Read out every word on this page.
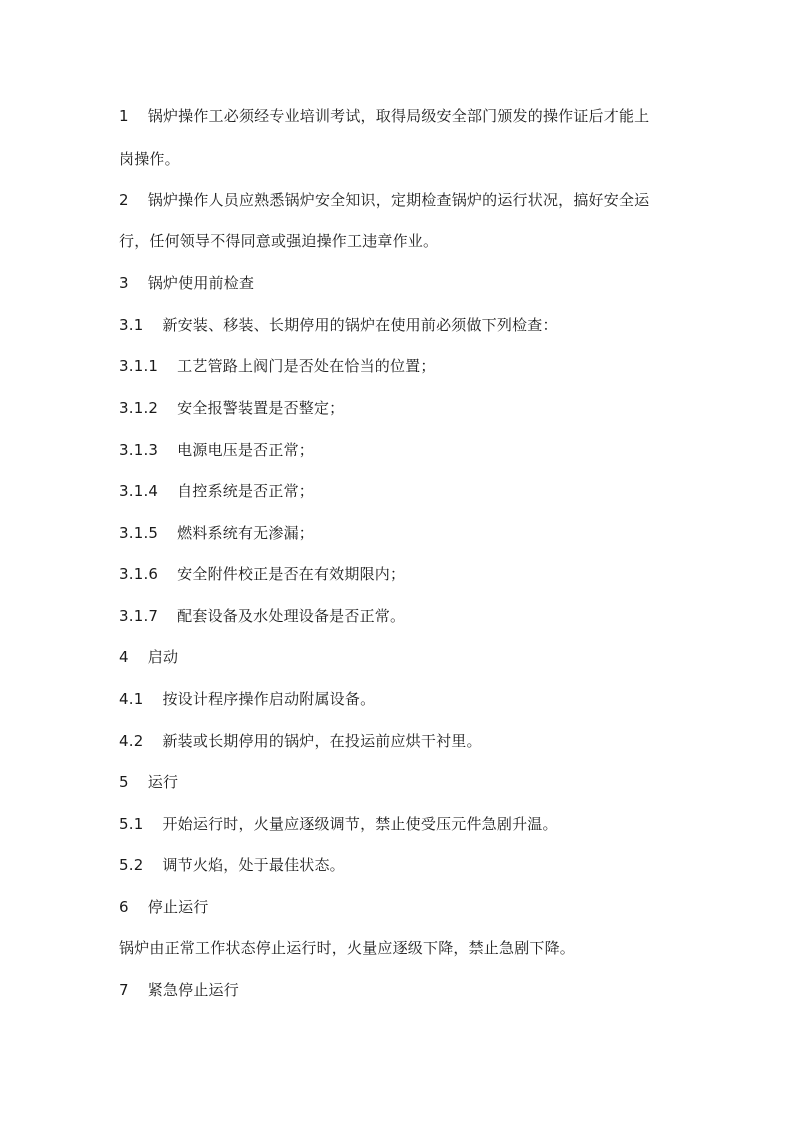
1 锅炉操作工必须经专业培训考试，取得局级安全部门颁发的操作证后才能上
岗操作。
2 锅炉操作人员应熟悉锅炉安全知识，定期检查锅炉的运行状况，搞好安全运
行，任何领导不得同意或强迫操作工违章作业。
3 锅炉使用前检查
3.1 新安装、移装、长期停用的锅炉在使用前必须做下列检查：
3.1.1 工艺管路上阀门是否处在恰当的位置；
3.1.2 安全报警装置是否整定；
3.1.3 电源电压是否正常；
3.1.4 自控系统是否正常；
3.1.5 燃料系统有无渗漏；
3.1.6 安全附件校正是否在有效期限内；
3.1.7 配套设备及水处理设备是否正常。
4 启动
4.1 按设计程序操作启动附属设备。
4.2 新装或长期停用的锅炉，在投运前应烘干衬里。
5 运行
5.1 开始运行时，火量应逐级调节，禁止使受压元件急剧升温。
5.2 调节火焰，处于最佳状态。
6 停止运行
锅炉由正常工作状态停止运行时，火量应逐级下降，禁止急剧下降。
7 紧急停止运行
